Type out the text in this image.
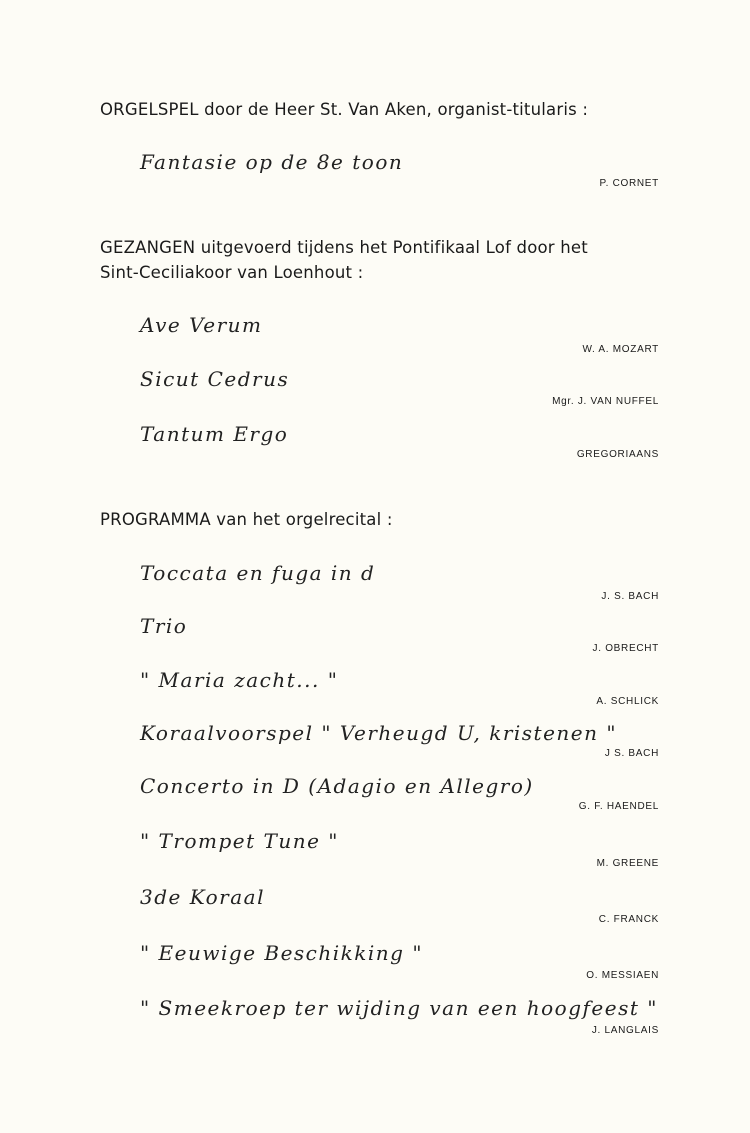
ORGELSPEL door de Heer St. Van Aken, organist-titularis :
Fantasie op de 8e toon
P. CORNET
GEZANGEN uitgevoerd tijdens het Pontifikaal Lof door het
Sint-Ceciliakoor van Loenhout :
Ave Verum
W. A. MOZART
Sicut Cedrus
Mgr. J. VAN NUFFEL
Tantum Ergo
GREGORIAANS
PROGRAMMA van het orgelrecital :
Toccata en fuga in d
J. S. BACH
Trio
J. OBRECHT
" Maria zacht... "
A. SCHLICK
Koraalvoorspel " Verheugd U, kristenen "
J S. BACH
Concerto in D (Adagio en Allegro)
G. F. HAENDEL
" Trompet Tune "
M. GREENE
3de Koraal
C. FRANCK
" Eeuwige Beschikking "
O. MESSIAEN
" Smeekroep ter wijding van een hoogfeest "
J. LANGLAIS
